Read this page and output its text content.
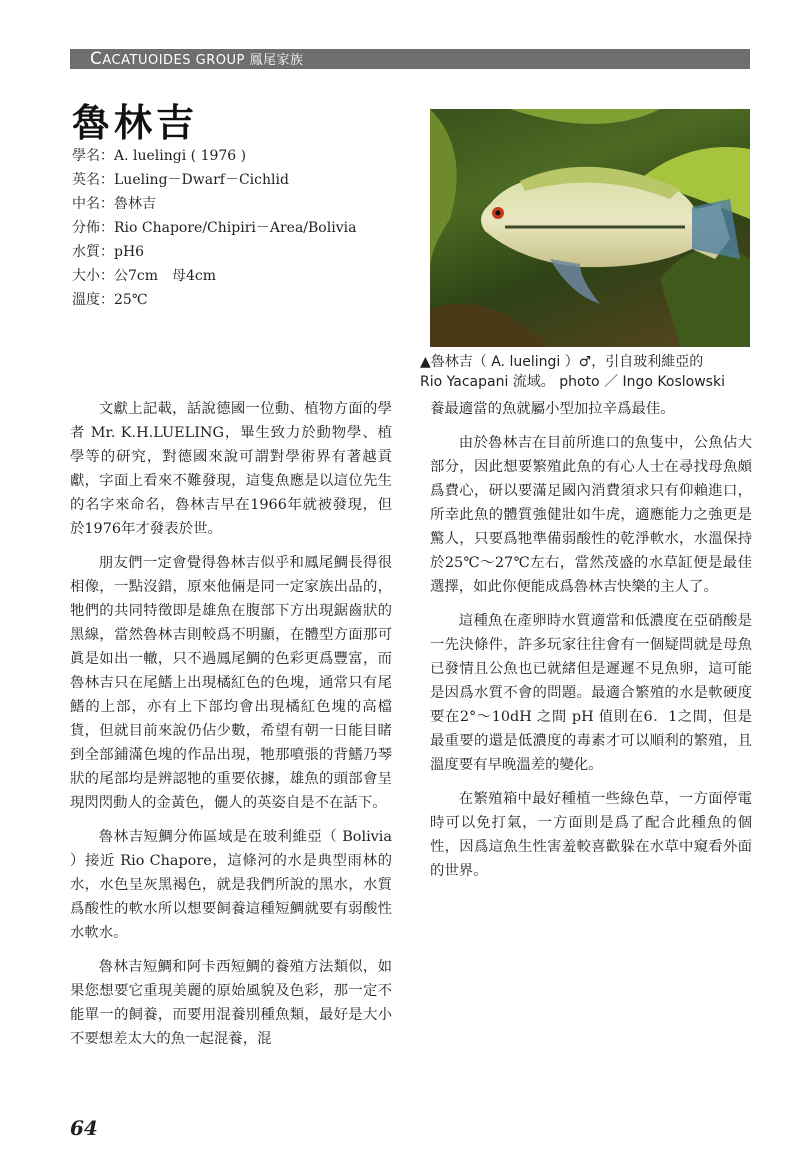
CACATUOIDES GROUP 鳳尾家族
魯林吉
學名：A. luelingi ( 1976 )
英名：Lueling－Dwarf－Cichlid
中名：魯林吉
分佈：Rio Chapore/Chipiri－Area/Bolivia
水質：pH6
大小：公7cm　母4cm
溫度：25℃
▲魯林吉（ A. luelingi ）♂，引自玻利維亞的
Rio Yacapani 流域。 photo ／ Ingo Koslowski

文獻上記載，話說德國一位動、植物方面的學者 Mr. K.H.LUELING，畢生致力於動物學、植 學等的研究，對德國來說可謂對學術界有著越貢獻，字面上看來不難發現，這隻魚應是以這位先生的名字來命名，魯林吉早在1966年就被發現，但於1976年才發表於世。

朋友們一定會覺得魯林吉似乎和鳳尾鯛長得很相像，一點沒錯，原來他倆是同一定家族出品的，牠們的共同特徵即是雄魚在腹部下方出現鋸齒狀的黑線，當然魯林吉則較爲不明顯，在體型方面那可眞是如出一轍，只不過鳳尾鯛的色彩更爲豐富，而魯林吉只在尾鰭上出現橘紅色的色塊，通常只有尾鰭的上部，亦有上下部均會出現橘紅色塊的高檔貨，但就目前來說仍佔少數，希望有朝一日能目睹到全部鋪滿色塊的作品出現，牠那噴張的背鰭乃琴狀的尾部均是辨認牠的重要依據，雄魚的頭部會呈現閃閃動人的金黃色，儷人的英姿自是不在話下。

魯林吉短鯛分佈區域是在玻利維亞（ Bolivia ）接近 Rio Chapore，這條河的水是典型雨林的水，水色呈灰黑褐色，就是我們所說的黑水，水質爲酸性的軟水所以想要飼養這種短鯛就要有弱酸性水軟水。

魯林吉短鯛和阿卡西短鯛的養殖方法類似，如果您想要它重現美麗的原始風貌及色彩，那一定不能單一的飼養，而要用混養別種魚類，最好是大小不要想差太大的魚一起混養，混

養最適當的魚就屬小型加拉辛爲最佳。

由於魯林吉在目前所進口的魚隻中，公魚佔大部分，因此想要繁殖此魚的有心人士在尋找母魚頗爲費心，研以要滿足國內消費須求只有仰賴進口，所幸此魚的體質強健壯如牛虎，適應能力之強更是驚人，只要爲牠準備弱酸性的乾淨軟水，水溫保持於25℃～27℃左右，當然茂盛的水草缸便是最佳選擇，如此你便能成爲魯林吉快樂的主人了。

這種魚在產卵時水質適當和低濃度在亞硝酸是一先決條件，許多玩家往往會有一個疑問就是母魚已發情且公魚也已就緒但是遲遲不見魚卵，這可能是因爲水質不會的問題。最適合繁殖的水是軟硬度要在2°～10dH 之間 pH 值則在6．1之間，但是最重要的還是低濃度的毒素才可以順利的繁殖，且溫度要有早晚溫差的變化。

在繁殖箱中最好種植一些綠色草，一方面停電時可以免打氣，一方面則是爲了配合此種魚的個性，因爲這魚生性害羞較喜歡躲在水草中窺看外面的世界。

64
